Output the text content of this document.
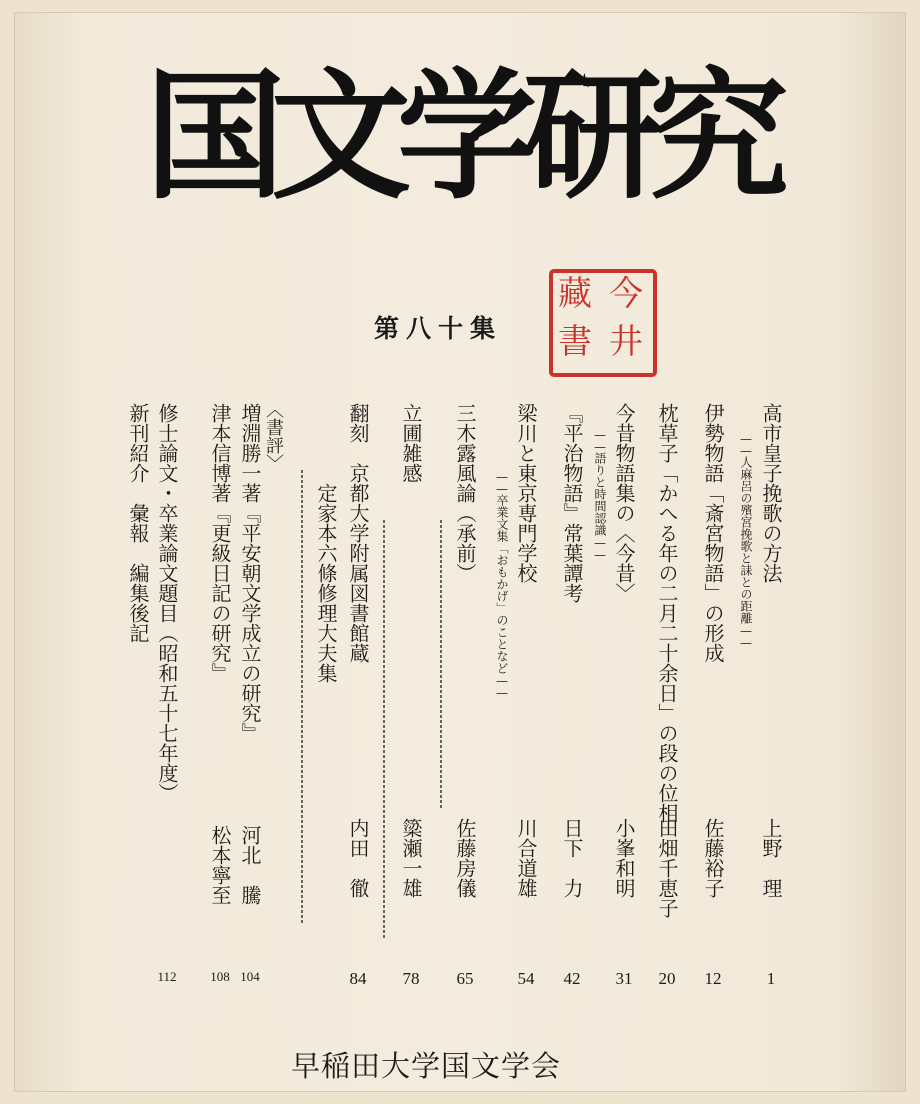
国文学研究
第八十集
今
井
藏
書
高市皇子挽歌の方法
——人麻呂の殯宮挽歌と誄との距離——
上野　理
1
伊勢物語「斎宮物語」の形成
佐藤裕子
12
枕草子「かへる年の二月二十余日」の段の位相
田畑千恵子
20
今昔物語集の〈今昔〉
——語りと時間認識——
小峯和明
31
『平治物語』常葉譚考
日下　力
42
梁川と東京専門学校
——卒業文集「おもかげ」のことなど——
川合道雄
54
三木露風論（承前）
佐藤房儀
65
立圃雑感
簗瀬一雄
78
翻刻　京都大学附属図書館蔵
定家本六條修理大夫集
内田　徹
84
〈書評〉
増淵勝一著『平安朝文学成立の研究』
河北　騰
104
津本信博著『更級日記の研究』
松本寧至
108
修士論文・卒業論文題目（昭和五十七年度）
新刊紹介　彙報　編集後記
112
早稲田大学国文学会
